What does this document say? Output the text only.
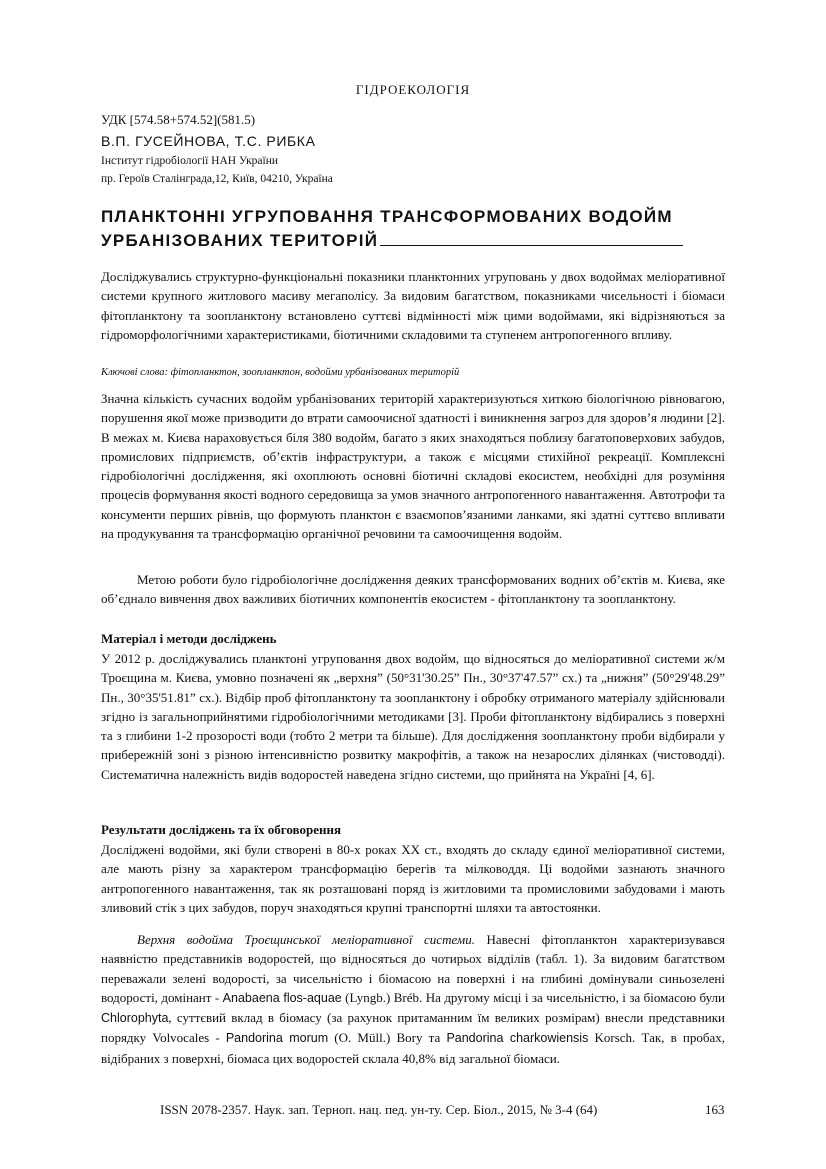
ГІДРОЕКОЛОГІЯ
УДК [574.58+574.52](581.5)
В.П. ГУСЕЙНОВА, Т.С. РИБКА
Інститут гідробіології НАН України
пр. Героїв Сталінграда,12, Київ, 04210, Україна
ПЛАНКТОННІ УГРУПОВАННЯ ТРАНСФОРМОВАНИХ ВОДОЙМ
УРБАНІЗОВАНИХ ТЕРИТОРІЙ
Досліджувались структурно-функціональні показники планктонних угруповань у двох водоймах меліоративної системи крупного житлового масиву мегаполісу. За видовим багатством, показниками чисельності і біомаси фітопланктону та зоопланктону встановлено суттєві відмінності між цими водоймами, які відрізняються за гідроморфологічними характеристиками, біотичними складовими та ступенем антропогенного впливу.
Ключові слова: фітопланктон, зоопланктон, водойми урбанізованих територій
Значна кількість сучасних водойм урбанізованих територій характеризуються хиткою біологічною рівновагою, порушення якої може призводити до втрати самоочисної здатності і виникнення загроз для здоров’я людини [2]. В межах м. Києва нараховується біля 380 водойм, багато з яких знаходяться поблизу багатоповерхових забудов, промислових підприємств, об’єктів інфраструктури, а також є місцями стихійної рекреації. Комплексні гідробіологічні дослідження, які охоплюють основні біотичні складові екосистем, необхідні для розуміння процесів формування якості водного середовища за умов значного антропогенного навантаження. Автотрофи та консументи перших рівнів, що формують планктон є взаємопов’язаними ланками, які здатні суттєво впливати на продукування та трансформацію органічної речовини та самоочищення водойм.
Метою роботи було гідробіологічне дослідження деяких трансформованих водних об’єктів м. Києва, яке об’єднало вивчення двох важливих біотичних компонентів екосистем - фітопланктону та зоопланктону.
Матеріал і методи досліджень
У 2012 р. досліджувались планктоні угруповання двох водойм, що відносяться до меліоративної системи ж/м Троєщина м. Києва, умовно позначені як „верхня” (50°31'30.25” Пн., 30°37'47.57” сх.) та „нижня” (50°29'48.29” Пн., 30°35'51.81” сх.). Відбір проб фітопланктону та зоопланктону і обробку отриманого матеріалу здійснювали згідно із загальноприйнятими гідробіологічними методиками [3]. Проби фітопланктону відбирались з поверхні та з глибини 1-2 прозорості води (тобто 2 метри та більше). Для дослідження зоопланктону проби відбирали у прибережній зоні з різною інтенсивністю розвитку макрофітів, а також на незарослих ділянках (чистоводді). Систематична належність видів водоростей наведена згідно системи, що прийнята на Україні [4, 6].
Результати досліджень та їх обговорення
Досліджені водойми, які були створені в 80-х роках ХХ ст., входять до складу єдиної меліоративної системи, але мають різну за характером трансформацію берегів та мілководдя. Ці водойми зазнають значного антропогенного навантаження, так як розташовані поряд із житловими та промисловими забудовами і мають зливовий стік з цих забудов, поруч знаходяться крупні транспортні шляхи та автостоянки.
Верхня водойма Троєщинської меліоративної системи. Навесні фітопланктон характеризувався наявністю представників водоростей, що відносяться до чотирьох відділів (табл. 1). За видовим багатством переважали зелені водорості, за чисельністю і біомасою на поверхні і на глибині домінували синьозелені водорості, домінант - Anabaena flos-aquae (Lyngb.) Bréb. На другому місці і за чисельністю, і за біомасою були Chlorophyta, суттєвий вклад в біомасу (за рахунок притаманним їм великих розмірам) внесли представники порядку Volvocales - Pandorina morum (O. Müll.) Bory та Pandorina charkowiensis Korsch. Так, в пробах, відібраних з поверхні, біомаса цих водоростей склала 40,8% від загальної біомаси.
ISSN 2078-2357. Наук. зап. Терноп. нац. пед. ун-ту. Сер. Біол., 2015, № 3-4 (64)	163
